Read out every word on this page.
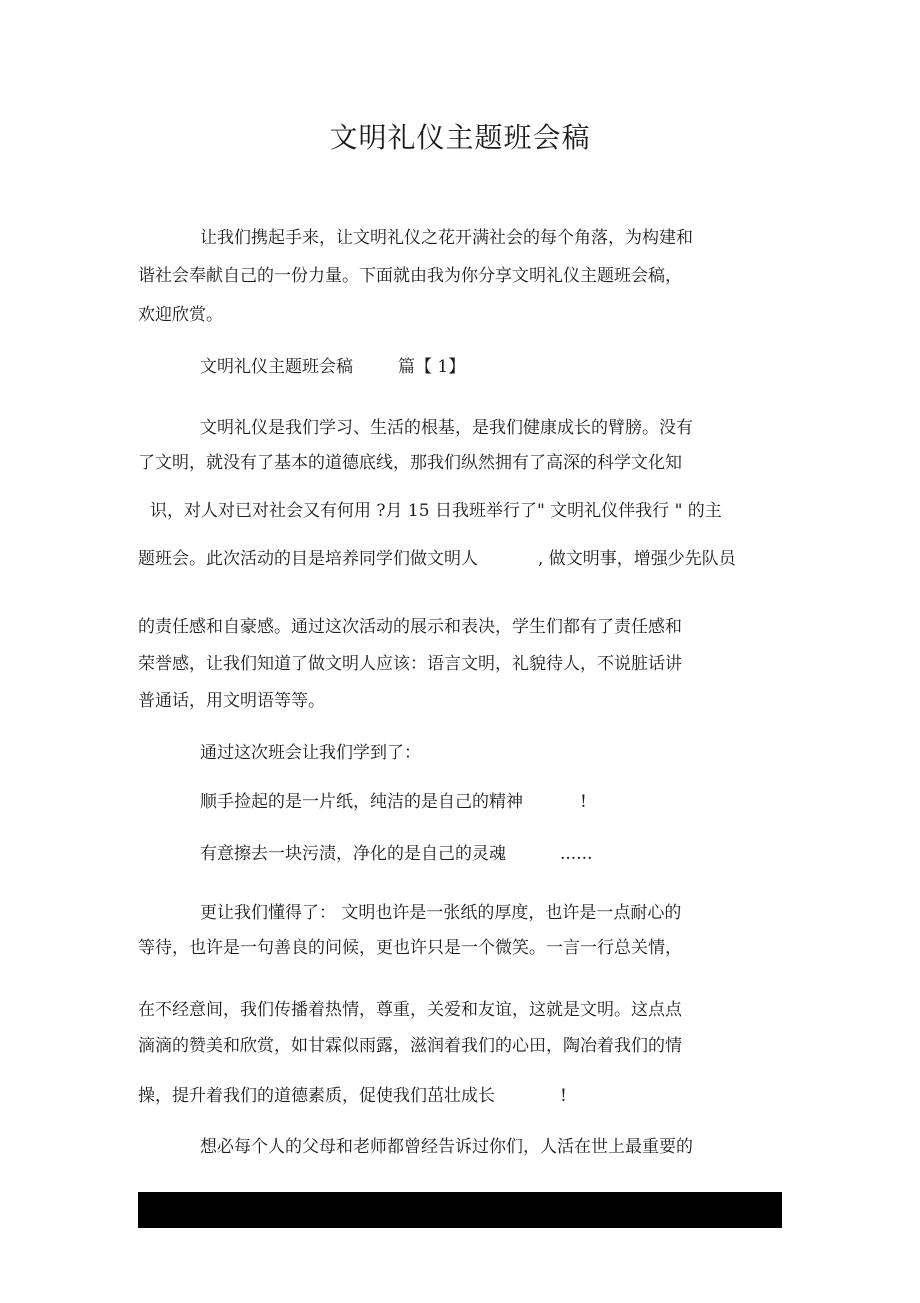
文明礼仪主题班会稿
让我们携起手来，让文明礼仪之花开满社会的每个角落，为构建和
谐社会奉献自己的一份力量。下面就由我为你分享文明礼仪主题班会稿，
欢迎欣赏。
文明礼仪主题班会稿	篇【 1】
文明礼仪是我们学习、生活的根基，是我们健康成长的臂膀。没有
了文明，就没有了基本的道德底线，那我们纵然拥有了高深的科学文化知
识，对人对已对社会又有何用 ?月 15 日我班举行了" 文明礼仪伴我行 " 的主
题班会。此次活动的目是培养同学们做文明人	, 做文明事，增强少先队员
的责任感和自豪感。通过这次活动的展示和表决，学生们都有了责任感和
荣誉感，让我们知道了做文明人应该：语言文明，礼貌待人，不说脏话讲
普通话，用文明语等等。
通过这次班会让我们学到了：
顺手捡起的是一片纸，纯洁的是自己的精神	!
有意擦去一块污渍，净化的是自己的灵魂	......
更让我们懂得了： 文明也许是一张纸的厚度，也许是一点耐心的
等待，也许是一句善良的问候，更也许只是一个微笑。一言一行总关情，
在不经意间，我们传播着热情，尊重，关爱和友谊，这就是文明。这点点
滴滴的赞美和欣赏，如甘霖似雨露，滋润着我们的心田，陶冶着我们的情
操，提升着我们的道德素质，促使我们茁壮成长	!
想必每个人的父母和老师都曾经告诉过你们，人活在世上最重要的
